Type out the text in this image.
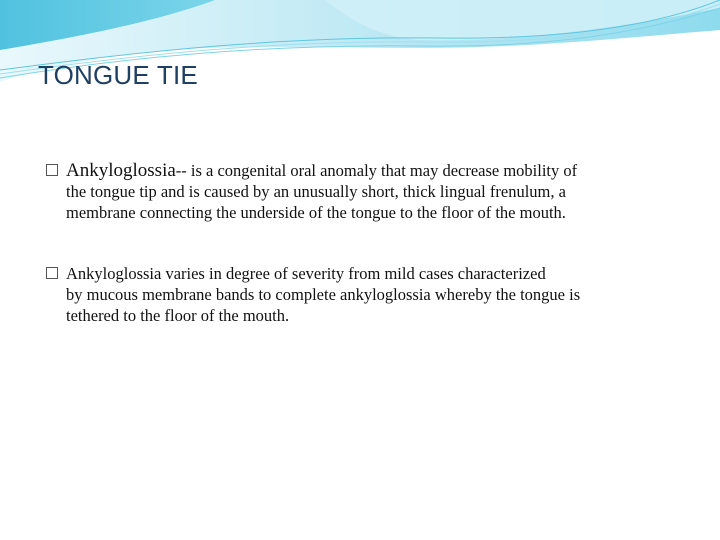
TONGUE TIE
Ankyloglossia-- is a congenital oral anomaly that may decrease mobility of
the tongue tip and is caused by an unusually short, thick lingual frenulum, a
membrane connecting the underside of the tongue to the floor of the mouth.
Ankyloglossia varies in degree of severity from mild cases characterized
by mucous membrane bands to complete ankyloglossia whereby the tongue is
tethered to the floor of the mouth.
